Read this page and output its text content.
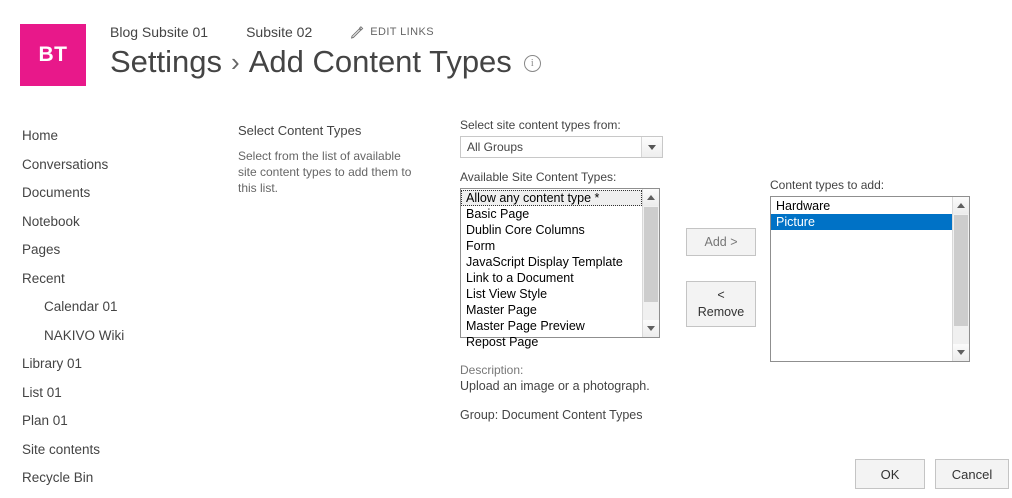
BT
Blog Subsite 01	Subsite 02	EDIT LINKS
Settings › Add Content Types	i
Home
Conversations
Documents
Notebook
Pages
Recent
Calendar 01
NAKIVO Wiki
Library 01
List 01
Plan 01
Site contents
Recycle Bin
Select Content Types
Select from the list of available site content types to add them to this list.
Select site content types from:
All Groups
Available Site Content Types:
Allow any content type *
Basic Page
Dublin Core Columns
Form
JavaScript Display Template
Link to a Document
List View Style
Master Page
Master Page Preview
Repost Page
Description:
Upload an image or a photograph.
Group: Document Content Types
Add >
<
Remove
Content types to add:
Hardware
Picture
OK	Cancel
